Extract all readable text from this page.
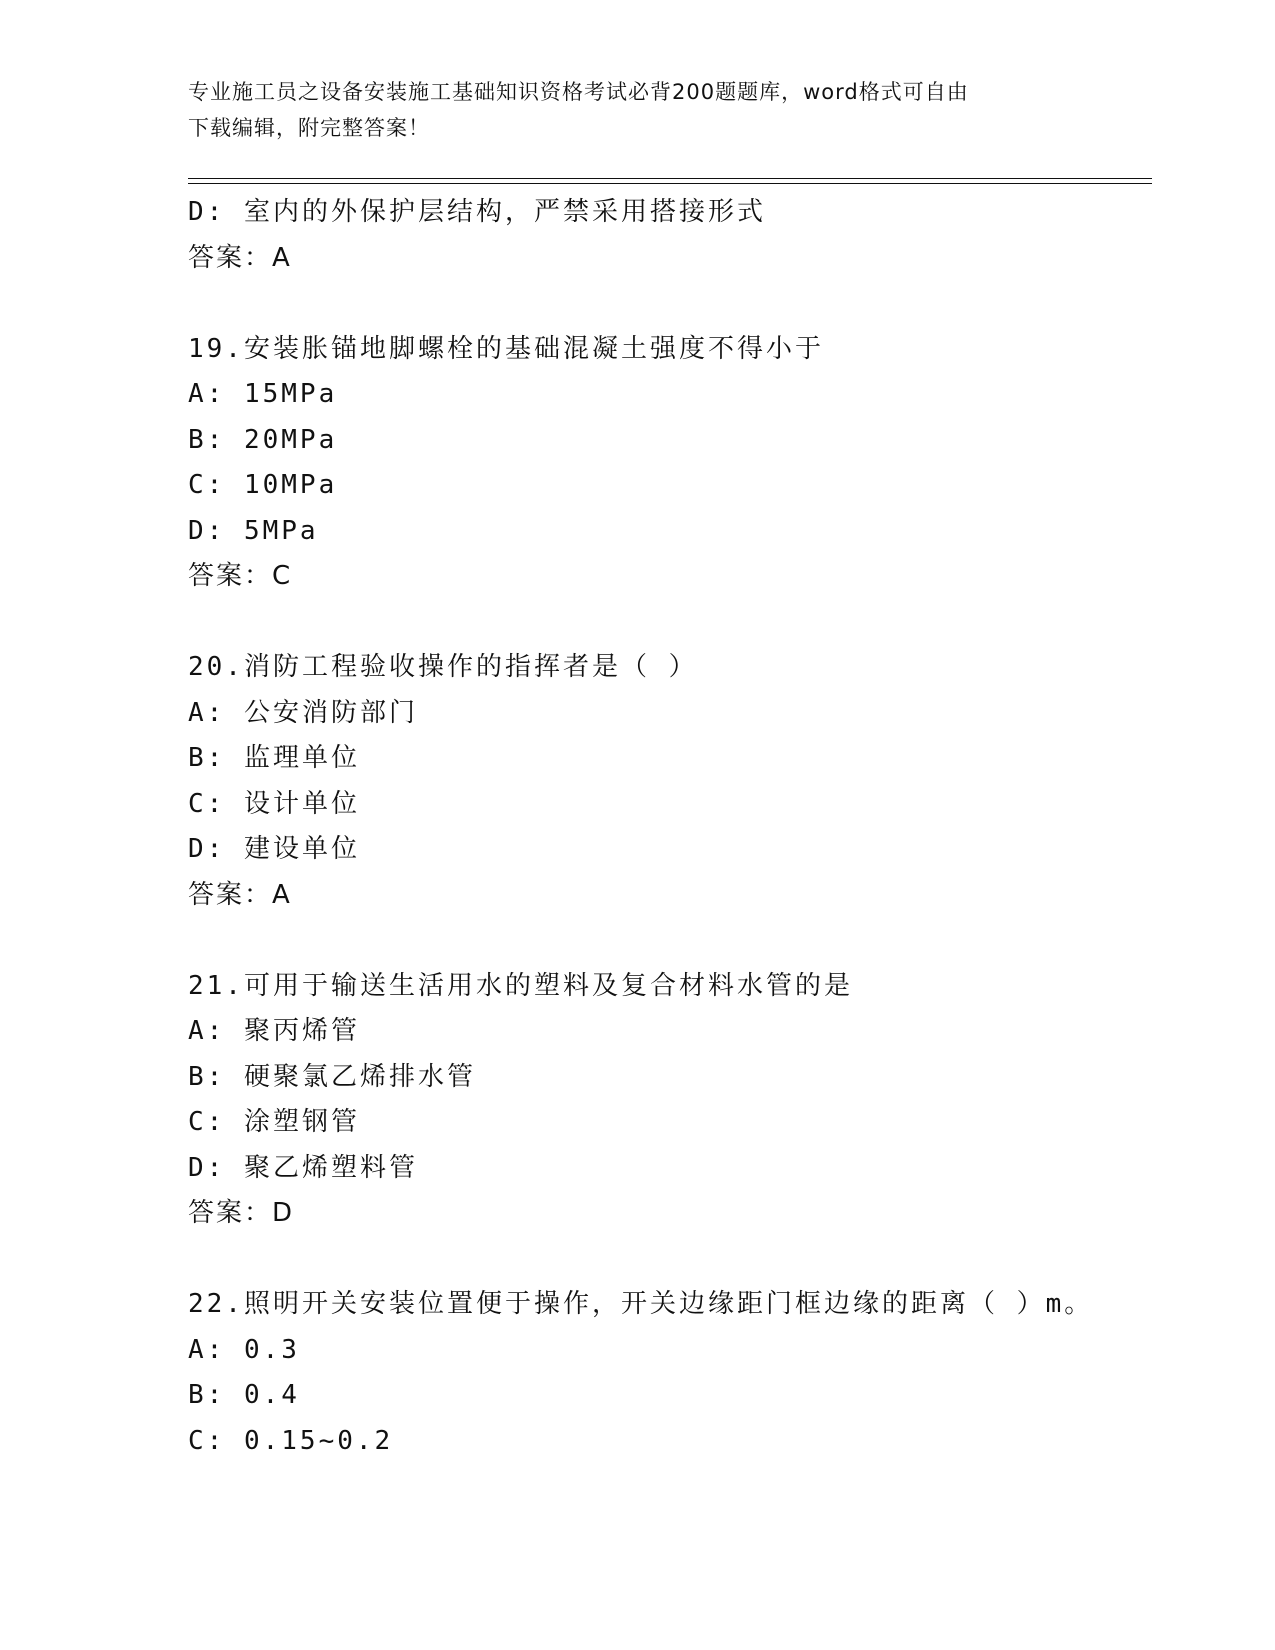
专业施工员之设备安装施工基础知识资格考试必背200题题库，word格式可自由
下载编辑，附完整答案！
D: 室内的外保护层结构，严禁采用搭接形式
答案：A
19.安装胀锚地脚螺栓的基础混凝土强度不得小于
A: 15MPa
B: 20MPa
C: 10MPa
D: 5MPa
答案：C
20.消防工程验收操作的指挥者是（ ）
A: 公安消防部门
B: 监理单位
C: 设计单位
D: 建设单位
答案：A
21.可用于输送生活用水的塑料及复合材料水管的是
A: 聚丙烯管
B: 硬聚氯乙烯排水管
C: 涂塑钢管
D: 聚乙烯塑料管
答案：D
22.照明开关安装位置便于操作，开关边缘距门框边缘的距离（ ）m。
A: 0.3
B: 0.4
C: 0.15~0.2
